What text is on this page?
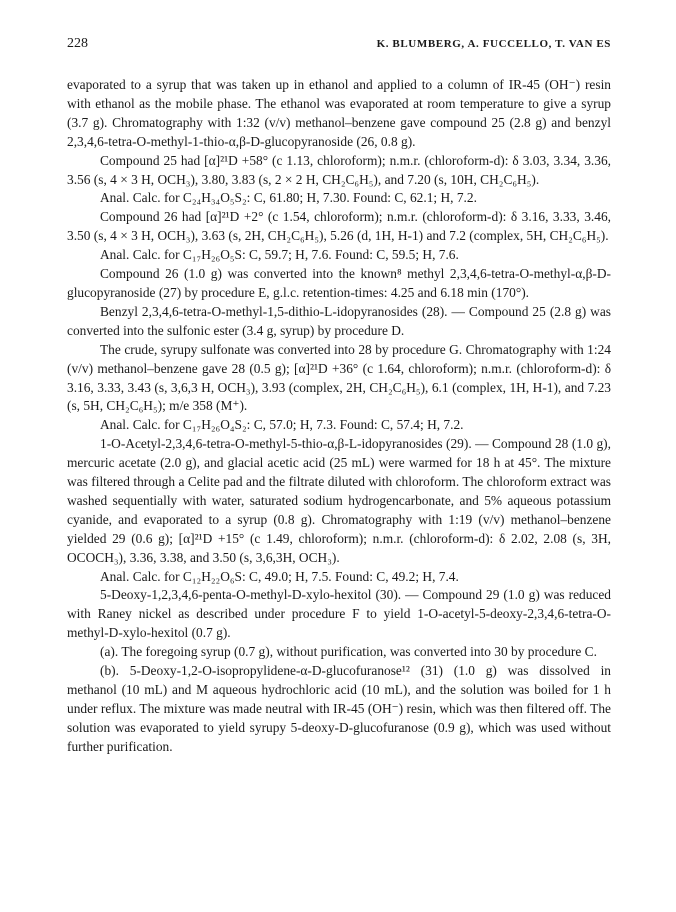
228	K. BLUMBERG, A. FUCCELLO, T. VAN ES

evaporated to a syrup that was taken up in ethanol and applied to a column of IR-45 (OH⁻) resin with ethanol as the mobile phase. The ethanol was evaporated at room temperature to give a syrup (3.7 g). Chromatography with 1:32 (v/v) methanol–benzene gave compound 25 (2.8 g) and benzyl 2,3,4,6-tetra-O-methyl-1-thio-α,β-D-glucopyranoside (26, 0.8 g).

Compound 25 had [α]²¹D +58° (c 1.13, chloroform); n.m.r. (chloroform-d): δ 3.03, 3.34, 3.36, 3.56 (s, 4 × 3 H, OCH₃), 3.80, 3.83 (s, 2 × 2 H, CH₂C₆H₅), and 7.20 (s, 10H, CH₂C₆H₅).

Anal. Calc. for C₂₄H₃₄O₅S₂: C, 61.80; H, 7.30. Found: C, 62.1; H, 7.2.

Compound 26 had [α]²¹D +2° (c 1.54, chloroform); n.m.r. (chloroform-d): δ 3.16, 3.33, 3.46, 3.50 (s, 4 × 3 H, OCH₃), 3.63 (s, 2H, CH₂C₆H₅), 5.26 (d, 1H, H-1) and 7.2 (complex, 5H, CH₂C₆H₅).

Anal. Calc. for C₁₇H₂₆O₅S: C, 59.7; H, 7.6. Found: C, 59.5; H, 7.6.

Compound 26 (1.0 g) was converted into the known⁸ methyl 2,3,4,6-tetra-O-methyl-α,β-D-glucopyranoside (27) by procedure E, g.l.c. retention-times: 4.25 and 6.18 min (170°).

Benzyl 2,3,4,6-tetra-O-methyl-1,5-dithio-L-idopyranosides (28). — Compound 25 (2.8 g) was converted into the sulfonic ester (3.4 g, syrup) by procedure D.

The crude, syrupy sulfonate was converted into 28 by procedure G. Chromatography with 1:24 (v/v) methanol–benzene gave 28 (0.5 g); [α]²¹D +36° (c 1.64, chloroform); n.m.r. (chloroform-d): δ 3.16, 3.33, 3.43 (s, 3,6,3 H, OCH₃), 3.93 (complex, 2H, CH₂C₆H₅), 6.1 (complex, 1H, H-1), and 7.23 (s, 5H, CH₂C₆H₅); m/e 358 (M⁺).

Anal. Calc. for C₁₇H₂₆O₄S₂: C, 57.0; H, 7.3. Found: C, 57.4; H, 7.2.

1-O-Acetyl-2,3,4,6-tetra-O-methyl-5-thio-α,β-L-idopyranosides (29). — Compound 28 (1.0 g), mercuric acetate (2.0 g), and glacial acetic acid (25 mL) were warmed for 18 h at 45°. The mixture was filtered through a Celite pad and the filtrate diluted with chloroform. The chloroform extract was washed sequentially with water, saturated sodium hydrogencarbonate, and 5% aqueous potassium cyanide, and evaporated to a syrup (0.8 g). Chromatography with 1:19 (v/v) methanol–benzene yielded 29 (0.6 g); [α]²¹D +15° (c 1.49, chloroform); n.m.r. (chloroform-d): δ 2.02, 2.08 (s, 3H, OCOCH₃), 3.36, 3.38, and 3.50 (s, 3,6,3H, OCH₃).

Anal. Calc. for C₁₂H₂₂O₆S: C, 49.0; H, 7.5. Found: C, 49.2; H, 7.4.

5-Deoxy-1,2,3,4,6-penta-O-methyl-D-xylo-hexitol (30). — Compound 29 (1.0 g) was reduced with Raney nickel as described under procedure F to yield 1-O-acetyl-5-deoxy-2,3,4,6-tetra-O-methyl-D-xylo-hexitol (0.7 g).

(a). The foregoing syrup (0.7 g), without purification, was converted into 30 by procedure C.

(b). 5-Deoxy-1,2-O-isopropylidene-α-D-glucofuranose¹² (31) (1.0 g) was dissolved in methanol (10 mL) and M aqueous hydrochloric acid (10 mL), and the solution was boiled for 1 h under reflux. The mixture was made neutral with IR-45 (OH⁻) resin, which was then filtered off. The solution was evaporated to yield syrupy 5-deoxy-D-glucofuranose (0.9 g), which was used without further purification.
